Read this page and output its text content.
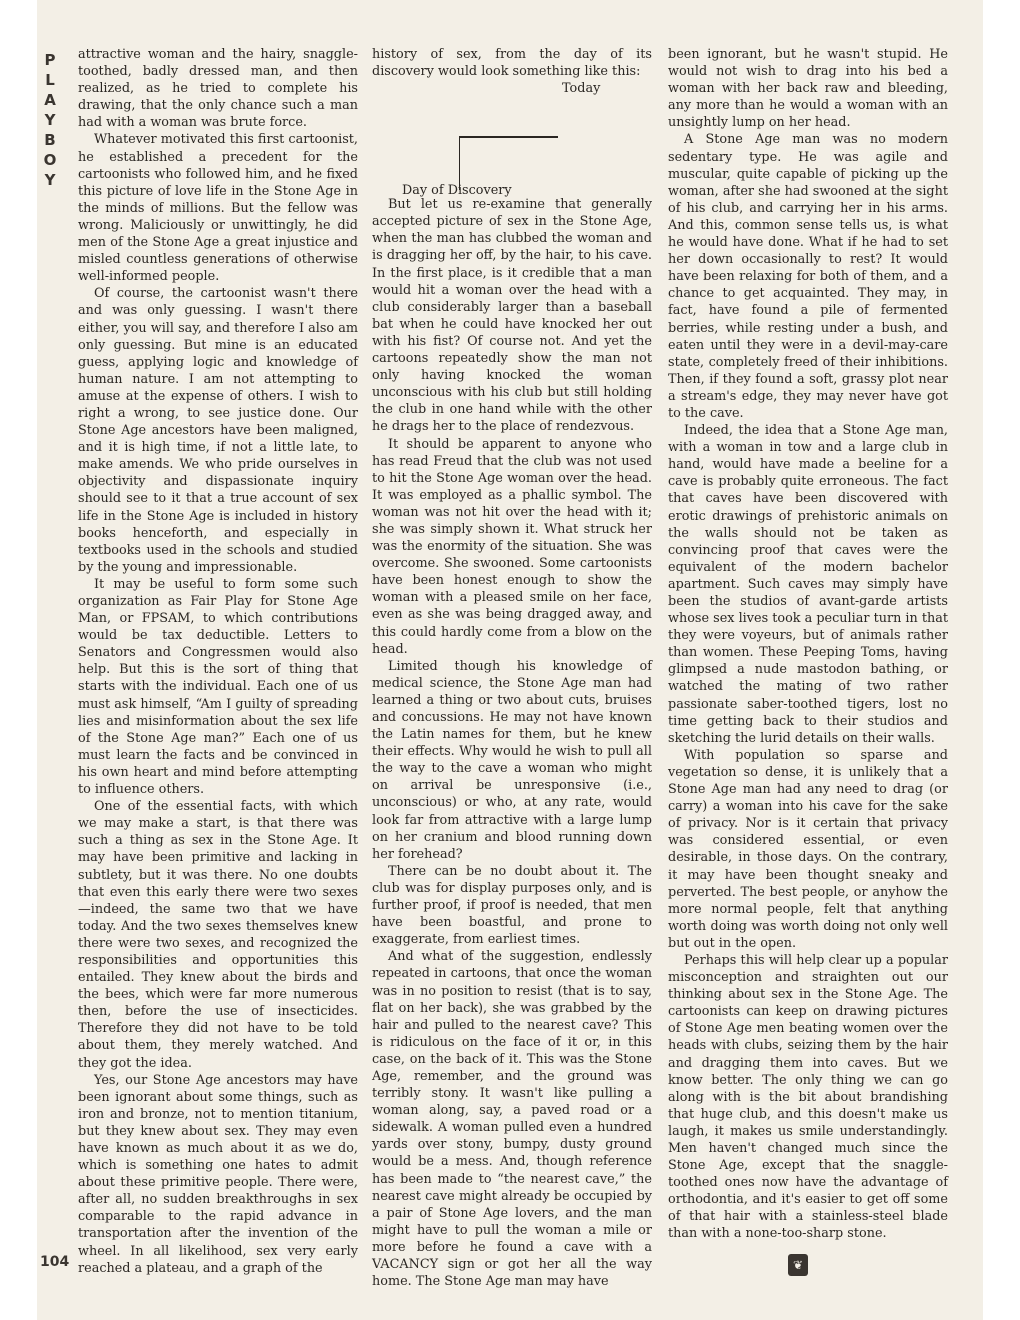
P
L
A
Y
B
O
Y

attractive woman and the hairy, snaggle-toothed, badly dressed man, and then realized, as he tried to complete his drawing, that the only chance such a man had with a woman was brute force.

Whatever motivated this first cartoonist, he established a precedent for the cartoonists who followed him, and he fixed this picture of love life in the Stone Age in the minds of millions. But the fellow was wrong. Maliciously or unwittingly, he did men of the Stone Age a great injustice and misled countless generations of otherwise well-informed people.

Of course, the cartoonist wasn't there and was only guessing. I wasn't there either, you will say, and therefore I also am only guessing. But mine is an educated guess, applying logic and knowledge of human nature. I am not attempting to amuse at the expense of others. I wish to right a wrong, to see justice done. Our Stone Age ancestors have been maligned, and it is high time, if not a little late, to make amends. We who pride ourselves in objectivity and dispassionate inquiry should see to it that a true account of sex life in the Stone Age is included in history books henceforth, and especially in textbooks used in the schools and studied by the young and impressionable.

It may be useful to form some such organization as Fair Play for Stone Age Man, or FPSAM, to which contributions would be tax deductible. Letters to Senators and Congressmen would also help. But this is the sort of thing that starts with the individual. Each one of us must ask himself, “Am I guilty of spreading lies and misinformation about the sex life of the Stone Age man?” Each one of us must learn the facts and be convinced in his own heart and mind before attempting to influence others.

One of the essential facts, with which we may make a start, is that there was such a thing as sex in the Stone Age. It may have been primitive and lacking in subtlety, but it was there. No one doubts that even this early there were two sexes —indeed, the same two that we have today. And the two sexes themselves knew there were two sexes, and recognized the responsibilities and opportunities this entailed. They knew about the birds and the bees, which were far more numerous then, before the use of insecticides. Therefore they did not have to be told about them, they merely watched. And they got the idea.

Yes, our Stone Age ancestors may have been ignorant about some things, such as iron and bronze, not to mention titanium, but they knew about sex. They may even have known as much about it as we do, which is something one hates to admit about these primitive people. There were, after all, no sudden breakthroughs in sex comparable to the rapid advance in transportation after the invention of the wheel. In all likelihood, sex very early reached a plateau, and a graph of the

history of sex, from the day of its discovery would look something like this:

Today
Day of Discovery

But let us re-examine that generally accepted picture of sex in the Stone Age, when the man has clubbed the woman and is dragging her off, by the hair, to his cave. In the first place, is it credible that a man would hit a woman over the head with a club considerably larger than a baseball bat when he could have knocked her out with his fist? Of course not. And yet the cartoons repeatedly show the man not only having knocked the woman unconscious with his club but still holding the club in one hand while with the other he drags her to the place of rendezvous.

It should be apparent to anyone who has read Freud that the club was not used to hit the Stone Age woman over the head. It was employed as a phallic symbol. The woman was not hit over the head with it; she was simply shown it. What struck her was the enormity of the situation. She was overcome. She swooned. Some cartoonists have been honest enough to show the woman with a pleased smile on her face, even as she was being dragged away, and this could hardly come from a blow on the head.

Limited though his knowledge of medical science, the Stone Age man had learned a thing or two about cuts, bruises and concussions. He may not have known the Latin names for them, but he knew their effects. Why would he wish to pull all the way to the cave a woman who might on arrival be unresponsive (i.e., unconscious) or who, at any rate, would look far from attractive with a large lump on her cranium and blood running down her forehead?

There can be no doubt about it. The club was for display purposes only, and is further proof, if proof is needed, that men have been boastful, and prone to exaggerate, from earliest times.

And what of the suggestion, endlessly repeated in cartoons, that once the woman was in no position to resist (that is to say, flat on her back), she was grabbed by the hair and pulled to the nearest cave? This is ridiculous on the face of it or, in this case, on the back of it. This was the Stone Age, remember, and the ground was terribly stony. It wasn't like pulling a woman along, say, a paved road or a sidewalk. A woman pulled even a hundred yards over stony, bumpy, dusty ground would be a mess. And, though reference has been made to “the nearest cave,” the nearest cave might already be occupied by a pair of Stone Age lovers, and the man might have to pull the woman a mile or more before he found a cave with a VACANCY sign or got her all the way home. The Stone Age man may have

been ignorant, but he wasn't stupid. He would not wish to drag into his bed a woman with her back raw and bleeding, any more than he would a woman with an unsightly lump on her head.

A Stone Age man was no modern sedentary type. He was agile and muscular, quite capable of picking up the woman, after she had swooned at the sight of his club, and carrying her in his arms. And this, common sense tells us, is what he would have done. What if he had to set her down occasionally to rest? It would have been relaxing for both of them, and a chance to get acquainted. They may, in fact, have found a pile of fermented berries, while resting under a bush, and eaten until they were in a devil-may-care state, completely freed of their inhibitions. Then, if they found a soft, grassy plot near a stream's edge, they may never have got to the cave.

Indeed, the idea that a Stone Age man, with a woman in tow and a large club in hand, would have made a beeline for a cave is probably quite erroneous. The fact that caves have been discovered with erotic drawings of prehistoric animals on the walls should not be taken as convincing proof that caves were the equivalent of the modern bachelor apartment. Such caves may simply have been the studios of avant-garde artists whose sex lives took a peculiar turn in that they were voyeurs, but of animals rather than women. These Peeping Toms, having glimpsed a nude mastodon bathing, or watched the mating of two rather passionate saber-toothed tigers, lost no time getting back to their studios and sketching the lurid details on their walls.

With population so sparse and vegetation so dense, it is unlikely that a Stone Age man had any need to drag (or carry) a woman into his cave for the sake of privacy. Nor is it certain that privacy was considered essential, or even desirable, in those days. On the contrary, it may have been thought sneaky and perverted. The best people, or anyhow the more normal people, felt that anything worth doing was worth doing not only well but out in the open.

Perhaps this will help clear up a popular misconception and straighten out our thinking about sex in the Stone Age. The cartoonists can keep on drawing pictures of Stone Age men beating women over the heads with clubs, seizing them by the hair and dragging them into caves. But we know better. The only thing we can go along with is the bit about brandishing that huge club, and this doesn't make us laugh, it makes us smile understandingly. Men haven't changed much since the Stone Age, except that the snaggle-toothed ones now have the advantage of orthodontia, and it's easier to get off some of that hair with a stainless-steel blade than with a none-too-sharp stone.

104	❦
